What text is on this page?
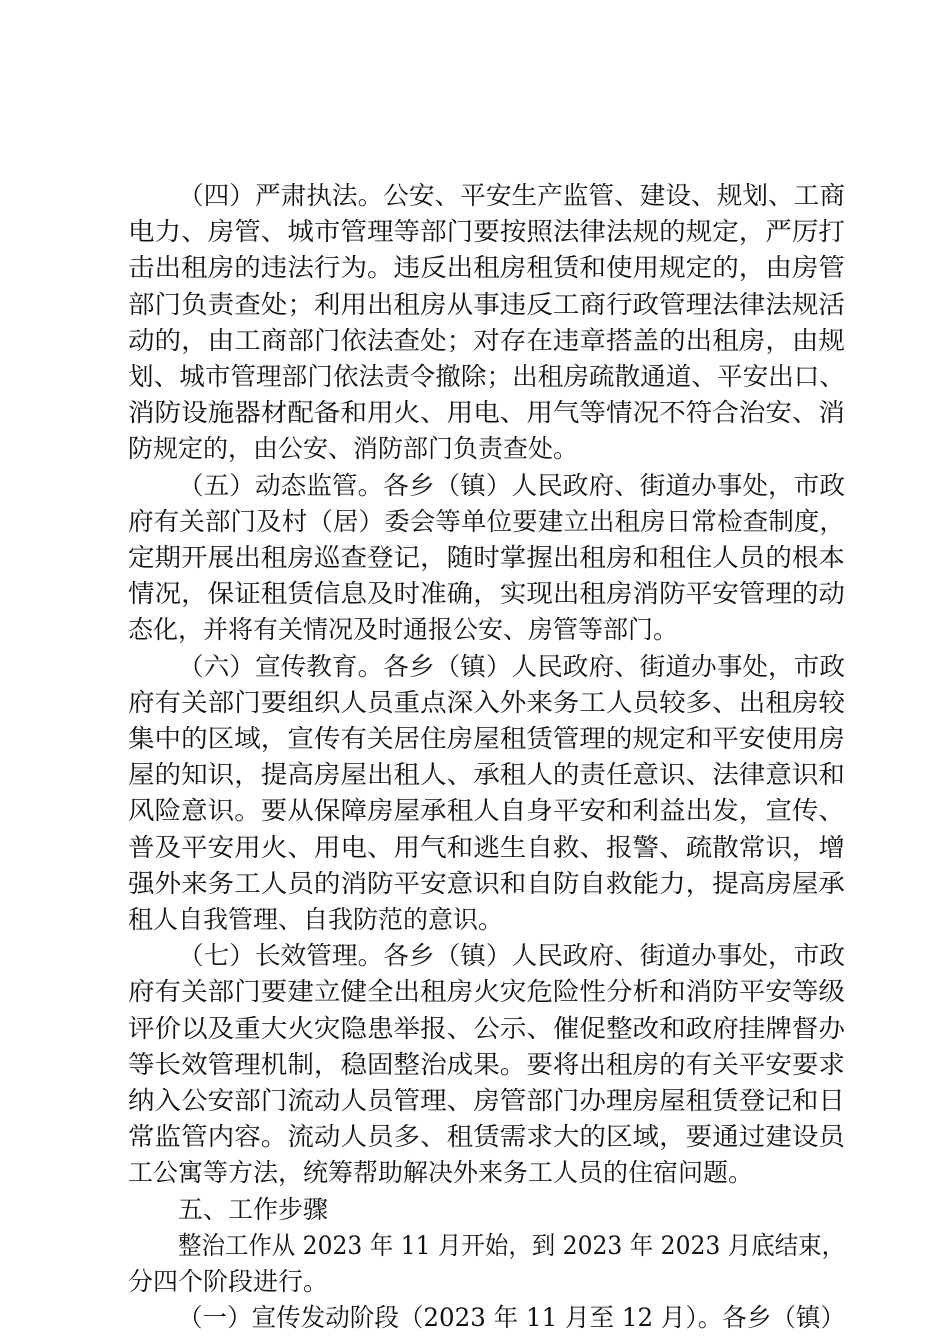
（四）严肃执法。公安、平安生产监管、建设、规划、工商

电力、房管、城市管理等部门要按照法律法规的规定，严厉打

击出租房的违法行为。违反出租房租赁和使用规定的，由房管

部门负责查处；利用出租房从事违反工商行政管理法律法规活

动的，由工商部门依法查处；对存在违章搭盖的出租房，由规

划、城市管理部门依法责令撤除；出租房疏散通道、平安出口、

消防设施器材配备和用火、用电、用气等情况不符合治安、消

防规定的，由公安、消防部门负责查处。

（五）动态监管。各乡（镇）人民政府、街道办事处，市政

府有关部门及村（居）委会等单位要建立出租房日常检查制度，

定期开展出租房巡查登记，随时掌握出租房和租住人员的根本

情况，保证租赁信息及时准确，实现出租房消防平安管理的动

态化，并将有关情况及时通报公安、房管等部门。

（六）宣传教育。各乡（镇）人民政府、街道办事处，市政

府有关部门要组织人员重点深入外来务工人员较多、出租房较

集中的区域，宣传有关居住房屋租赁管理的规定和平安使用房

屋的知识，提高房屋出租人、承租人的责任意识、法律意识和

风险意识。要从保障房屋承租人自身平安和利益出发，宣传、

普及平安用火、用电、用气和逃生自救、报警、疏散常识，增

强外来务工人员的消防平安意识和自防自救能力，提高房屋承

租人自我管理、自我防范的意识。

（七）长效管理。各乡（镇）人民政府、街道办事处，市政

府有关部门要建立健全出租房火灾危险性分析和消防平安等级

评价以及重大火灾隐患举报、公示、催促整改和政府挂牌督办

等长效管理机制，稳固整治成果。要将出租房的有关平安要求

纳入公安部门流动人员管理、房管部门办理房屋租赁登记和日

常监管内容。流动人员多、租赁需求大的区域，要通过建设员

工公寓等方法，统筹帮助解决外来务工人员的住宿问题。

五、工作步骤

整治工作从 2023 年 11 月开始，到 2023 年 2023 月底结束，

分四个阶段进行。

（一）宣传发动阶段（2023 年 11 月至 12 月）。各乡（镇）
